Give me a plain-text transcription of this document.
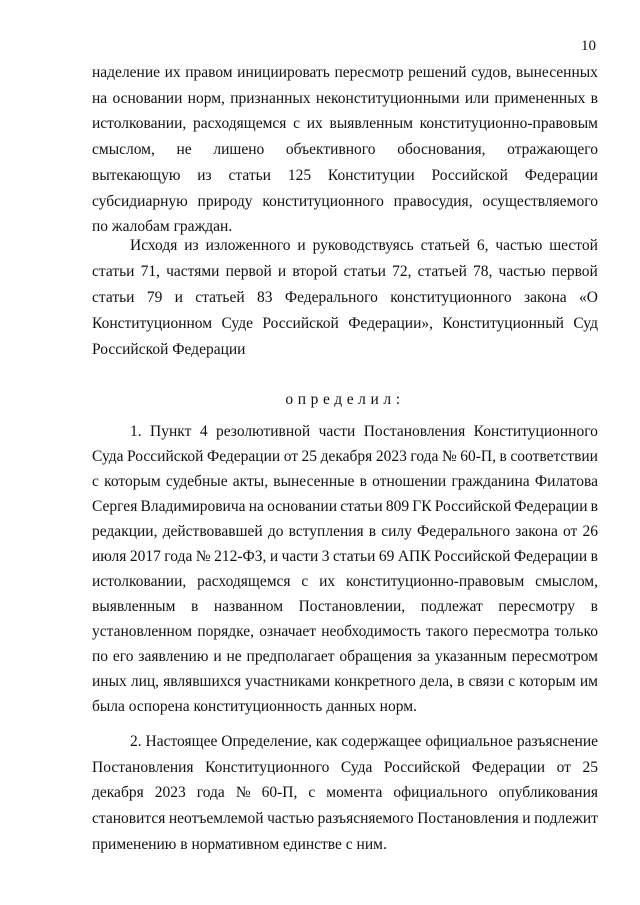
10
наделение их правом инициировать пересмотр решений судов, вынесенных
на основании норм, признанных неконституционными или примененных в
истолковании, расходящемся с их выявленным конституционно-правовым
смыслом, не лишено объективного обоснования, отражающего
вытекающую из статьи 125 Конституции Российской Федерации
субсидиарную природу конституционного правосудия, осуществляемого
по жалобам граждан.
Исходя из изложенного и руководствуясь статьей 6, частью шестой
статьи 71, частями первой и второй статьи 72, статьей 78, частью первой
статьи 79 и статьей 83 Федерального конституционного закона «О
Конституционном Суде Российской Федерации», Конституционный Суд
Российской Федерации
1. Пункт 4 резолютивной части Постановления Конституционного
Суда Российской Федерации от 25 декабря 2023 года № 60-П, в соответствии
с которым судебные акты, вынесенные в отношении гражданина Филатова
Сергея Владимировича на основании статьи 809 ГК Российской Федерации в
редакции, действовавшей до вступления в силу Федерального закона от 26
июля 2017 года № 212-ФЗ, и части 3 статьи 69 АПК Российской Федерации в
истолковании, расходящемся с их конституционно-правовым смыслом,
выявленным в названном Постановлении, подлежат пересмотру в
установленном порядке, означает необходимость такого пересмотра только
по его заявлению и не предполагает обращения за указанным пересмотром
иных лиц, являвшихся участниками конкретного дела, в связи с которым им
была оспорена конституционность данных норм.
2. Настоящее Определение, как содержащее официальное разъяснение
Постановления Конституционного Суда Российской Федерации от 25
декабря 2023 года № 60-П, с момента официального опубликования
становится неотъемлемой частью разъясняемого Постановления и подлежит
применению в нормативном единстве с ним.
определил:
